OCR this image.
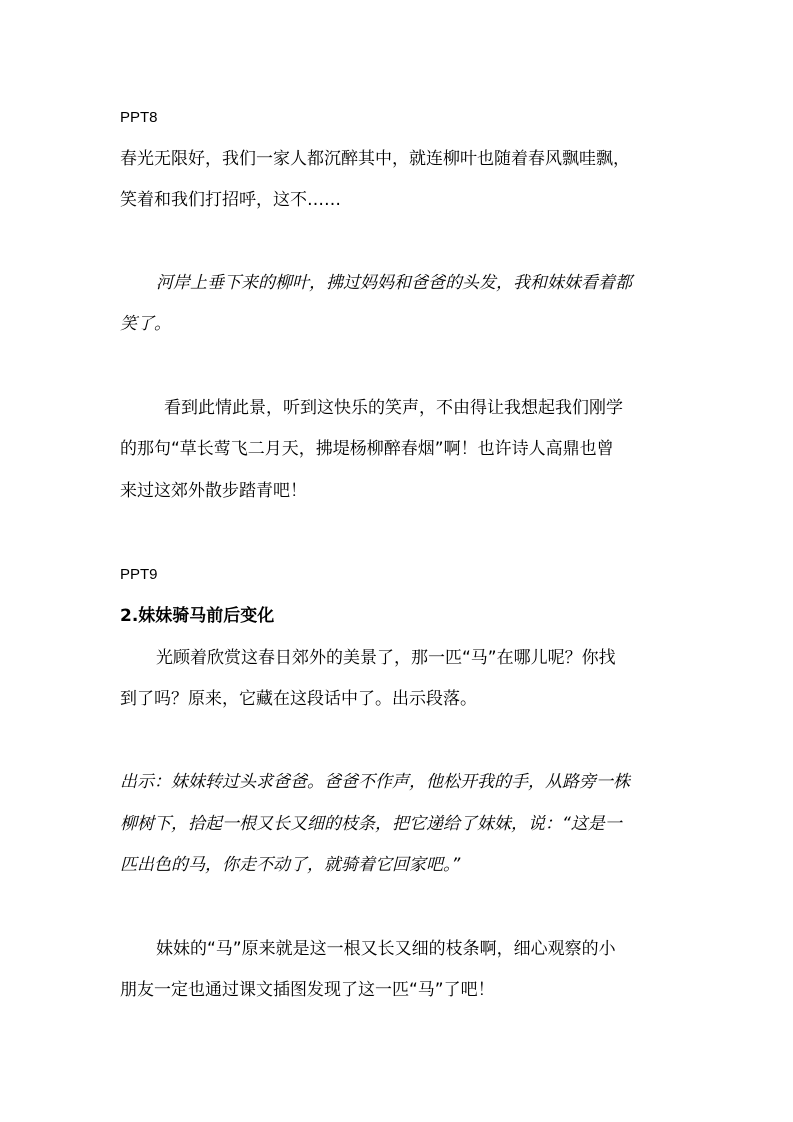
PPT8

春光无限好，我们一家人都沉醉其中，就连柳叶也随着春风飘哇飘，

笑着和我们打招呼，这不……

河岸上垂下来的柳叶，拂过妈妈和爸爸的头发，我和妹妹看着都

笑了。

看到此情此景，听到这快乐的笑声，不由得让我想起我们刚学

的那句“草长莺飞二月天，拂堤杨柳醉春烟”啊！也许诗人高鼎也曾

来过这郊外散步踏青吧！

PPT9

2.妹妹骑马前后变化

光顾着欣赏这春日郊外的美景了，那一匹“马”在哪儿呢？你找

到了吗？原来，它藏在这段话中了。出示段落。

出示：妹妹转过头求爸爸。爸爸不作声，他松开我的手，从路旁一株

柳树下，拾起一根又长又细的枝条，把它递给了妹妹，说：“这是一

匹出色的马，你走不动了，就骑着它回家吧。”

妹妹的“马”原来就是这一根又长又细的枝条啊，细心观察的小

朋友一定也通过课文插图发现了这一匹“马”了吧！
